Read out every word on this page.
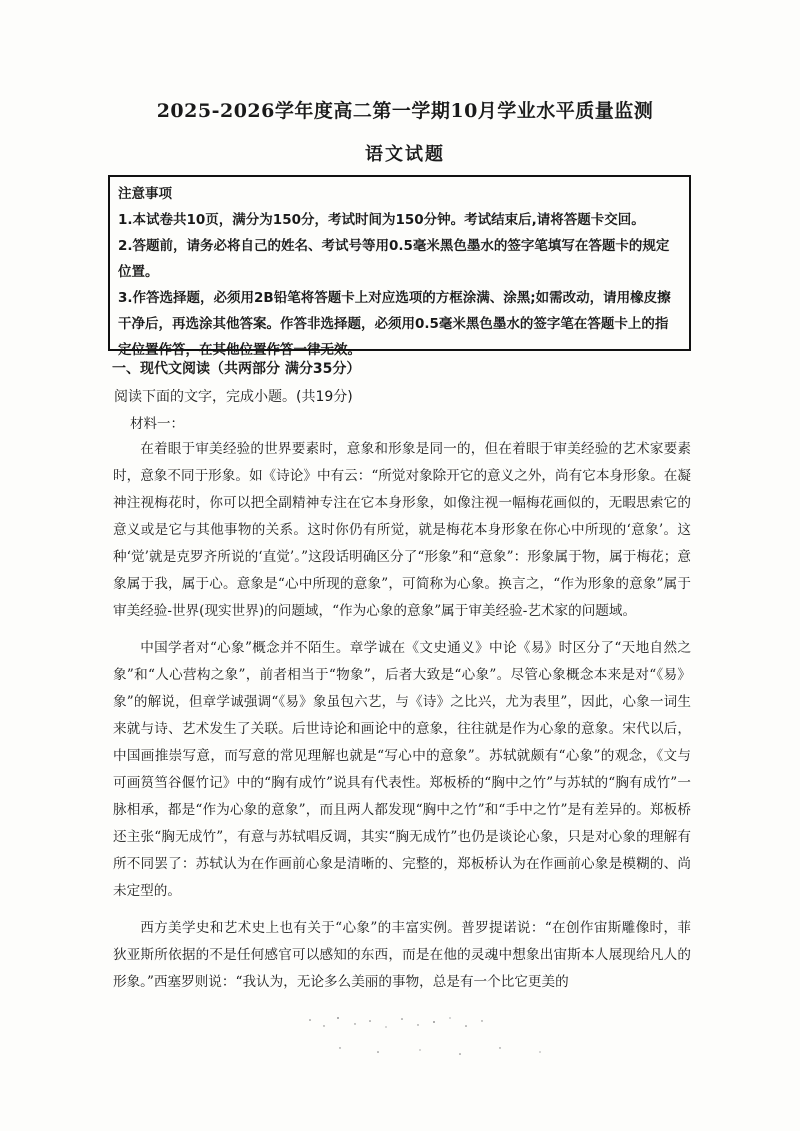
2025-2026学年度高二第一学期10月学业水平质量监测
语文试题

注意事项

1.本试卷共10页，满分为150分，考试时间为150分钟。考试结束后,请将答题卡交回。

2.答题前，请务必将自己的姓名、考试号等用0.5毫米黑色墨水的签字笔填写在答题卡的规定位置。

3.作答选择题，必须用2B铅笔将答题卡上对应选项的方框涂满、涂黑;如需改动，请用橡皮擦干净后，再选涂其他答案。作答非选择题，必须用0.5毫米黑色墨水的签字笔在答题卡上的指定位置作答，在其他位置作答一律无效。

一、现代文阅读（共两部分 满分35分）
阅读下面的文字，完成小题。(共19分)
材料一：

在着眼于审美经验的世界要素时，意象和形象是同一的，但在着眼于审美经验的艺术家要素时，意象不同于形象。如《诗论》中有云：“所觉对象除开它的意义之外，尚有它本身形象。在凝神注视梅花时，你可以把全副精神专注在它本身形象，如像注视一幅梅花画似的，无暇思索它的意义或是它与其他事物的关系。这时你仍有所觉，就是梅花本身形象在你心中所现的‘意象’。这种‘觉’就是克罗齐所说的‘直觉’。”这段话明确区分了“形象”和“意象”：形象属于物，属于梅花；意象属于我，属于心。意象是“心中所现的意象”，可简称为心象。换言之，“作为形象的意象”属于审美经验-世界(现实世界)的问题域，“作为心象的意象”属于审美经验-艺术家的问题域。

中国学者对“心象”概念并不陌生。章学诚在《文史通义》中论《易》时区分了“天地自然之象”和“人心营构之象”，前者相当于“物象”，后者大致是“心象”。尽管心象概念本来是对“《易》象”的解说，但章学诚强调“《易》象虽包六艺，与《诗》之比兴，尤为表里”，因此，心象一词生来就与诗、艺术发生了关联。后世诗论和画论中的意象，往往就是作为心象的意象。宋代以后，中国画推崇写意，而写意的常见理解也就是“写心中的意象”。苏轼就颇有“心象”的观念，《文与可画筼筜谷偃竹记》中的“胸有成竹”说具有代表性。郑板桥的“胸中之竹”与苏轼的“胸有成竹”一脉相承，都是“作为心象的意象”，而且两人都发现“胸中之竹”和“手中之竹”是有差异的。郑板桥还主张“胸无成竹”，有意与苏轼唱反调，其实“胸无成竹”也仍是谈论心象，只是对心象的理解有所不同罢了：苏轼认为在作画前心象是清晰的、完整的，郑板桥认为在作画前心象是模糊的、尚未定型的。

西方美学史和艺术史上也有关于“心象”的丰富实例。普罗提诺说：“在创作宙斯雕像时，菲狄亚斯所依据的不是任何感官可以感知的东西，而是在他的灵魂中想象出宙斯本人展现给凡人的形象。”西塞罗则说：“我认为，无论多么美丽的事物，总是有一个比它更美的
